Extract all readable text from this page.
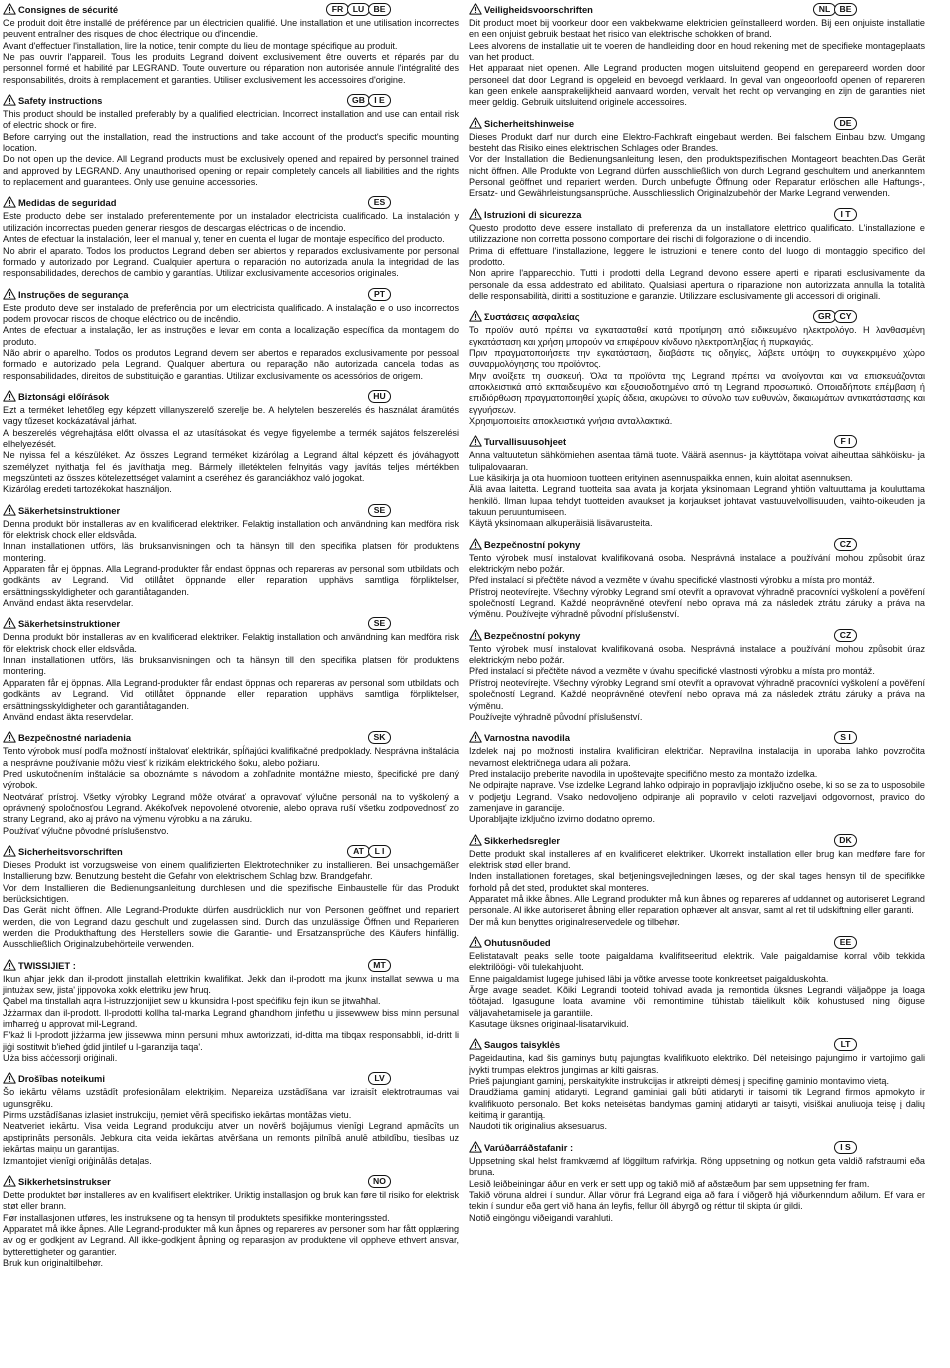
Consignes de sécurité	FR	LU	BE

Ce produit doit être installé de préférence par un électricien qualifié. Une installation et une utilisation incorrectes peuvent entraîner des risques de choc électrique ou d'incendie.

Avant d'effectuer l'installation, lire la notice, tenir compte du lieu de montage spécifique au produit.

Ne pas ouvrir l'appareil. Tous les produits Legrand doivent exclusivement être ouverts et réparés par du personnel formé et habilité par LEGRAND. Toute ouverture ou réparation non autorisée annule l'intégralité des responsabilités, droits à remplacement et garanties. Utiliser exclusivement les accessoires d'origine.

Safety instructions	GB	I E

This product should be installed preferably by a qualified electrician. Incorrect installation and use can entail risk of electric shock or fire.

Before carrying out the installation, read the instructions and take account of the product's specific mounting location.

Do not open up the device. All Legrand products must be exclusively opened and repaired by personnel trained and approved by LEGRAND. Any unauthorised opening or repair completely cancels all liabilities and the rights to replacement and guarantees. Only use genuine accessories.

Medidas de seguridad	ES

Este producto debe ser instalado preferentemente por un instalador electricista cualificado. La instalación y utilización incorrectas pueden generar riesgos de descargas eléctricas o de incendio.

Antes de efectuar la instalación, leer el manual y, tener en cuenta el lugar de montaje específico del producto.

No abrir el aparato. Todos los productos Legrand deben ser abiertos y reparados exclusivamente por personal formado y autorizado por Legrand. Cualquier apertura o reparación no autorizada anula la integridad de las responsabilidades, derechos de cambio y garantías. Utilizar exclusivamente accesorios originales.

Instruções de segurança	PT

Este produto deve ser instalado de preferência por um electricista qualificado. A instalação e o uso incorrectos podem provocar riscos de choque eléctrico ou de incêndio.

Antes de efectuar a instalação, ler as instruções e levar em conta a localização específica da montagem do produto.

Não abrir o aparelho. Todos os produtos Legrand devem ser abertos e reparados exclusivamente por pessoal formado e autorizado pela Legrand. Qualquer abertura ou reparação não autorizada cancela todas as responsabilidades, direitos de substituição e garantias. Utilizar exclusivamente os acessórios de origem.

Biztonsági előírások	HU

Ezt a terméket lehetőleg egy képzett villanyszerelő szerelje be. A helytelen beszerelés és használat áramütés vagy tűzeset kockázatával járhat.

A beszerelés végrehajtása előtt olvassa el az utasításokat és vegye figyelembe a termék sajátos felszerelési elhelyezését.

Ne nyissa fel a készüléket. Az összes Legrand terméket kizárólag a Legrand által képzett és jóváhagyott személyzet nyithatja fel és javíthatja meg. Bármely illetéktelen felnyitás vagy javítás teljes mértékben megszünteti az összes kötelezettséget valamint a cseréhez és garanciákhoz való jogokat.

Kizárólag eredeti tartozékokat használjon.

Säkerhetsinstruktioner	SE

Denna produkt bör installeras av en kvalificerad elektriker. Felaktig installation och användning kan medföra risk för elektrisk chock eller eldsvåda.

Innan installationen utförs, läs bruksanvisningen och ta hänsyn till den specifika platsen för produktens montering.

Apparaten får ej öppnas. Alla Legrand-produkter får endast öppnas och repareras av personal som utbildats och godkänts av Legrand. Vid otillåtet öppnande eller reparation upphävs samtliga förpliktelser, ersättningsskyldigheter och garantiåtaganden.

Använd endast äkta reservdelar.

Säkerhetsinstruktioner	SE

Denna produkt bör installeras av en kvalificerad elektriker. Felaktig installation och användning kan medföra risk för elektrisk chock eller eldsvåda.

Innan installationen utförs, läs bruksanvisningen och ta hänsyn till den specifika platsen för produktens montering.

Apparaten får ej öppnas. Alla Legrand-produkter får endast öppnas och repareras av personal som utbildats och godkänts av Legrand. Vid otillåtet öppnande eller reparation upphävs samtliga förpliktelser, ersättningsskyldigheter och garantiåtaganden.

Använd endast äkta reservdelar.

Bezpečnostné nariadenia	SK

Tento výrobok musí podľa možností inštalovať elektrikár, spĺňajúci kvalifikačné predpoklady. Nesprávna inštalácia a nesprávne používanie môžu viesť k rizikám elektrického šoku, alebo požiaru.

Pred uskutočnením inštalácie sa oboznámte s návodom a zohľadnite montážne miesto, špecifické pre daný výrobok.

Neotvárať prístroj. Všetky výrobky Legrand môže otvárať a opravovať výlučne personál na to vyškolený a oprávnený spoločnosťou Legrand. Akékoľvek nepovolené otvorenie, alebo oprava ruší všetku zodpovednosť zo strany Legrand, ako aj právo na výmenu výrobku a na záruku.

Používať výlučne pôvodné príslušenstvo.

Sicherheitsvorschriften	AT	L I

Dieses Produkt ist vorzugsweise von einem qualifizierten Elektrotechniker zu installieren. Bei unsachgemäßer Installierung bzw. Benutzung besteht die Gefahr von elektrischem Schlag bzw. Brandgefahr.

Vor dem Installieren die Bedienungsanleitung durchlesen und die spezifische Einbaustelle für das Produkt berücksichtigen.

Das Gerät nicht öffnen. Alle Legrand-Produkte dürfen ausdrücklich nur von Personen geöffnet und repariert werden, die von Legrand dazu geschult und zugelassen sind. Durch das unzulässige Öffnen und Reparieren werden die Produkthaftung des Herstellers sowie die Garantie- und Ersatzansprüche des Käufers hinfällig. Ausschließlich Originalzubehörteile verwenden.

TWISSIJIET :	MT

Ikun aħjar jekk dan il-prodott jinstallah elettrikin kwalifikat. Jekk dan il-prodott ma jkunx installat sewwa u ma jintużax sew, jista' jippovoka xokk elettriku jew ħruq.

Qabel ma tinstallah aqra l-istruzzjonijiet sew u kkunsidra l-post speċifiku fejn ikun se jitwaħħal.

Jżżarmax dan il-prodott. Il-prodotti kollha tal-marka Legrand għandhom jinfetħu u jissewwew biss minn persunal imħarreġ u approvat mil-Legrand.

F'każ li l-prodott jiżżarma jew jissewwa minn persuni mhux awtorizzati, id-ditta ma tibqax responsabbli, id-dritt li jiġi sostitwit b'ieħed ġdid jintilef u l-garanzija taqa'.

Uża biss aċċessorji oriġinali.

Drošības noteikumi	LV

Šo iekārtu vēlams uzstādīt profesionālam elektriķim. Nepareiza uzstādīšana var izraisīt elektrotraumas vai ugunsgrēku.

Pirms uzstādīšanas izlasiet instrukciju, ņemiet vērā specifisko iekārtas montāžas vietu.

Neatveriet iekārtu. Visa veida Legrand produkciju atver un novērš bojājumus vienīgi Legrand apmācīts un apstiprināts personāls. Jebkura cita veida iekārtas atvēršana un remonts pilnībā anulē atbildību, tiesības uz iekārtas maiņu un garantijas.

Izmantojiet vienīgi oriģinālās detaļas.

Sikkerhetsinstrukser	NO

Dette produktet bør installeres av en kvalifisert elektriker. Uriktig installasjon og bruk kan føre til risiko for elektrisk støt eller brann.

Før installasjonen utføres, les instruksene og ta hensyn til produktets spesifikke monteringssted.

Apparatet må ikke åpnes. Alle Legrand-produkter må kun åpnes og repareres av personer som har fått opplæring av og er godkjent av Legrand. All ikke-godkjent åpning og reparasjon av produktene vil oppheve ethvert ansvar, bytterettigheter og garantier.

Bruk kun originaltilbehør.

Veiligheidsvoorschriften	NL	BE

Dit product moet bij voorkeur door een vakbekwame elektricien geïnstalleerd worden. Bij een onjuiste installatie en een onjuist gebruik bestaat het risico van elektrische schokken of brand.

Lees alvorens de installatie uit te voeren de handleiding door en houd rekening met de specifieke montageplaats van het product.

Het apparaat niet openen. Alle Legrand producten mogen uitsluitend geopend en gerepareerd worden door personeel dat door Legrand is opgeleid en bevoegd verklaard. In geval van ongeoorloofd openen of repareren kan geen enkele aansprakelijkheid aanvaard worden, vervalt het recht op vervanging en zijn de garanties niet meer geldig. Gebruik uitsluitend originele accessoires.

Sicherheitshinweise	DE

Dieses Produkt darf nur durch eine Elektro-Fachkraft eingebaut werden. Bei falschem Einbau bzw. Umgang besteht das Risiko eines elektrischen Schlages oder Brandes.

Vor der Installation die Bedienungsanleitung lesen, den produktspezifischen Montageort beachten.Das Gerät nicht öffnen. Alle Produkte von Legrand dürfen ausschließlich von durch Legrand geschultem und anerkanntem Personal geöffnet und repariert werden. Durch unbefugte Öffnung oder Reparatur erlöschen alle Haftungs-, Ersatz- und Gewährleistungsansprüche. Ausschliesslich Originalzubehör der Marke Legrand verwenden.

Istruzioni di sicurezza	I T

Questo prodotto deve essere installato di preferenza da un installatore elettrico qualificato. L'installazione e utilizzazione non corretta possono comportare dei rischi di folgorazione o di incendio.

Prima di effettuare l'installazione, leggere le istruzioni e tenere conto del luogo di montaggio specifico del prodotto.

Non aprire l'apparecchio. Tutti i prodotti della Legrand devono essere aperti e riparati esclusivamente da personale da essa addestrato ed abilitato. Qualsiasi apertura o riparazione non autorizzata annulla la totalità delle responsabilità, diritti a sostituzione e garanzie. Utilizzare esclusivamente gli accessori di originali.

Συστάσεις ασφαλείας	GR CY

Το προϊόν αυτό πρέπει να εγκατασταθεί κατά προτίμηση από ειδικευμένο ηλεκτρολόγο. Η λανθασμένη εγκατάσταση και χρήση μπορούν να επιφέρουν κίνδυνο ηλεκτροπληξίας ή πυρκαγιάς.

Πριν πραγματοποιήσετε την εγκατάσταση, διαβάστε τις οδηγίες, λάβετε υπόψη το συγκεκριμένο χώρο συναρμολόγησης του προϊόντος.

Μην ανοίξετε τη συσκευή. Όλα τα προϊόντα της Legrand πρέπει να ανοίγονται και να επισκευάζονται αποκλειστικά από εκπαιδευμένο και εξουσιοδοτημένο από τη Legrand προσωπικό. Οποιαδήποτε επέμβαση ή επιδιόρθωση πραγματοποιηθεί χωρίς άδεια, ακυρώνει το σύνολο των ευθυνών, δικαιωμάτων αντικατάστασης και εγγυήσεων.

Χρησιμοποιείτε αποκλειστικά γνήσια ανταλλακτικά.

Turvallisuusohjeet	F I

Anna valtuutetun sähkömiehen asentaa tämä tuote. Väärä asennus- ja käyttötapa voivat aiheuttaa sähköisku- ja tulipalovaaran.

Lue käsikirja ja ota huomioon tuotteen erityinen asennuspaikka ennen, kuin aloitat asennuksen.

Älä avaa laitetta. Legrand tuotteita saa avata ja korjata yksinomaan Legrand yhtiön valtuuttama ja kouluttama henkilö. Ilman lupaa tehdyt tuotteiden avaukset ja korjaukset johtavat vastuuvelvollisuuden, vaihto-oikeuden ja takuun peruuntumiseen.

Käytä yksinomaan alkuperäisiä lisävarusteita.

Bezpečnostní pokyny	CZ

Tento výrobek musí instalovat kvalifikovaná osoba. Nesprávná instalace a používání mohou způsobit úraz elektrickým nebo požár.

Před instalací si přečtěte návod a vezměte v úvahu specifické vlastnosti výrobku a místa pro montáž.

Přístroj neotevírejte. Všechny výrobky Legrand smí otevřít a opravovat výhradně pracovníci vyškolení a pověření společností Legrand. Každé neoprávněné otevření nebo oprava má za následek ztrátu záruky a práva na výměnu. Používejte výhradně původní příslušenství.

Bezpečnostní pokyny	CZ

Tento výrobek musí instalovat kvalifikovaná osoba. Nesprávná instalace a používání mohou způsobit úraz elektrickým nebo požár.

Před instalací si přečtěte návod a vezměte v úvahu specifické vlastnosti výrobku a místa pro montáž.

Přístroj neotevírejte. Všechny výrobky Legrand smí otevřít a opravovat výhradně pracovníci vyškolení a pověření společností Legrand. Každé neoprávněné otevření nebo oprava má za následek ztrátu záruky a práva na výměnu.

Používejte výhradně původní příslušenství.

Varnostna navodila	S I

Izdelek naj po možnosti instalira kvalificiran električar. Nepravilna instalacija in uporaba lahko povzročita nevarnost električnega udara ali požara.

Pred instalacijo preberite navodila in upoštevajte specifično mesto za montažo izdelka.

Ne odpirajte naprave. Vse izdelke Legrand lahko odpirajo in popravljajo izključno osebe, ki so se za to usposobile v podjetju Legrand. Vsako nedovoljeno odpiranje ali popravilo v celoti razveljavi odgovornost, pravico do zamenjave in garancije.

Uporabljajte izključno izvirno dodatno opremo.

Sikkerhedsregler	DK

Dette produkt skal installeres af en kvalificeret elektriker. Ukorrekt installation eller brug kan medføre fare for elektrisk stød eller brand.

Inden installationen foretages, skal betjeningsvejledningen læses, og der skal tages hensyn til de specifikke forhold på det sted, produktet skal monteres.

Apparatet må ikke åbnes. Alle Legrand produkter må kun åbnes og repareres af uddannet og autoriseret Legrand personale. Al ikke autoriseret åbning eller reparation ophæver alt ansvar, samt al ret til udskiftning eller garanti.

Der må kun benyttes originalreservedele og tilbehør.

Ohutusnõuded	EE

Eelistatavalt peaks selle toote paigaldama kvalifitseeritud elektrik. Vale paigaldamise korral võib tekkida elektrilöögi- või tulekahjuoht.

Enne paigaldamist lugege juhised läbi ja võtke arvesse toote konkreetset paigalduskohta.

Ärge avage seadet. Kõiki Legrandi tooteid tohivad avada ja remontida üksnes Legrandi väljaõppe ja loaga töötajad. Igasugune loata avamine või remontimine tühistab täielikult kõik kohustused ning õiguse väljavahetamisele ja garantiile.

Kasutage üksnes originaal-lisatarvikuid.

Saugos taisyklės	LT

Pageidautina, kad šis gaminys butų pajungtas kvalifikuoto elektriko. Dėl neteisingo pajungimo ir vartojimo gali įvykti trumpas elektros jungimas ar kilti gaisras.

Prieš pajungiant gaminį, perskaitykite instrukcijas ir atkreipti dėmesį į specifinę gaminio montavimo vietą.

Draudžiama gaminį atidaryti. Legrand gaminiai gali būti atidaryti ir taisomi tik Legrand firmos apmokyto ir kvalifikuoto personalo. Bet koks neteisėtas bandymas gaminį atidaryti ar taisyti, visiškai anuliuoja teisę į dalių keitimą ir garantiją.

Naudoti tik originalius aksesuarus.

Varúðarráðstafanir :	I S

Uppsetning skal helst framkvæmd af löggiltum rafvirkja. Röng uppsetning og notkun geta valdið rafstraumi eða bruna.

Lesið leiðbeiningar áður en verk er sett upp og takið mið af aðstæðum þar sem uppsetning fer fram.

Takið vöruna aldrei í sundur. Allar vörur frá Legrand eiga að fara í viðgerð hjá viðurkenndum aðilum. Ef vara er tekin í sundur eða gert við hana án leyfis, fellur öll ábyrgð og réttur til skipta úr gildi.

Notið eingöngu viðeigandi varahluti.
